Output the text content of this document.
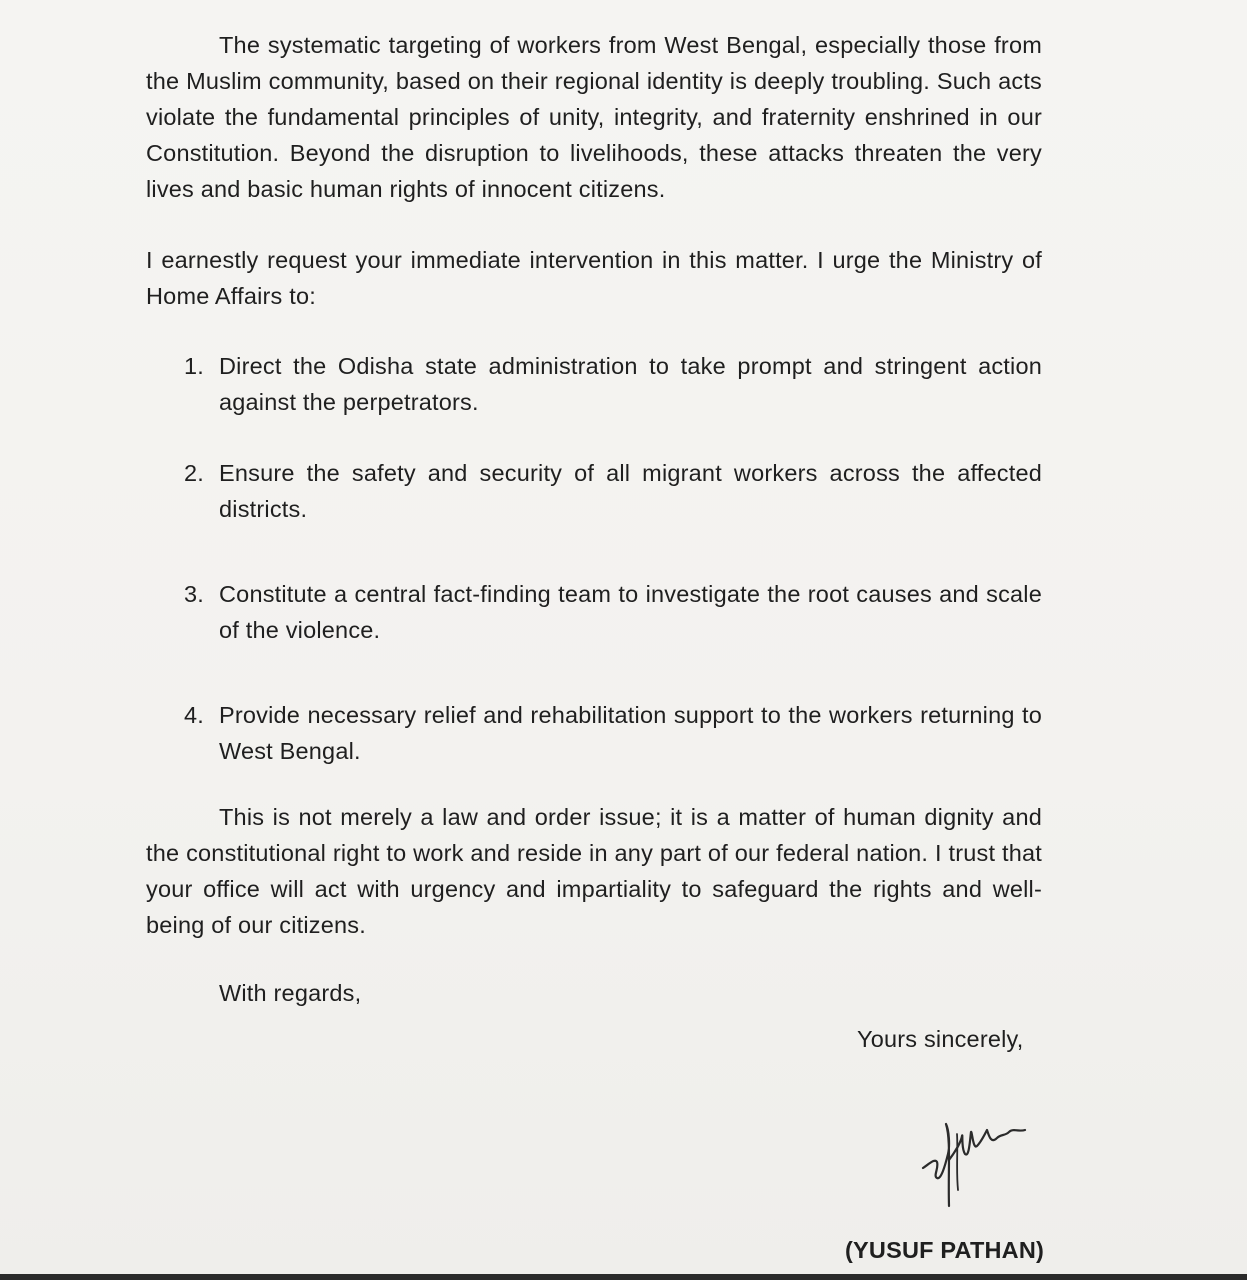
The systematic targeting of workers from West Bengal, especially those from the Muslim community, based on their regional identity is deeply troubling. Such acts violate the fundamental principles of unity, integrity, and fraternity enshrined in our Constitution. Beyond the disruption to livelihoods, these attacks threaten the very lives and basic human rights of innocent citizens.

I earnestly request your immediate intervention in this matter. I urge the Ministry of Home Affairs to:

1. Direct the Odisha state administration to take prompt and stringent action against the perpetrators.
2. Ensure the safety and security of all migrant workers across the affected districts.
3. Constitute a central fact-finding team to investigate the root causes and scale of the violence.
4. Provide necessary relief and rehabilitation support to the workers returning to West Bengal.

This is not merely a law and order issue; it is a matter of human dignity and the constitutional right to work and reside in any part of our federal nation. I trust that your office will act with urgency and impartiality to safeguard the rights and well-being of our citizens.

With regards,
Yours sincerely,
(YUSUF PATHAN)
